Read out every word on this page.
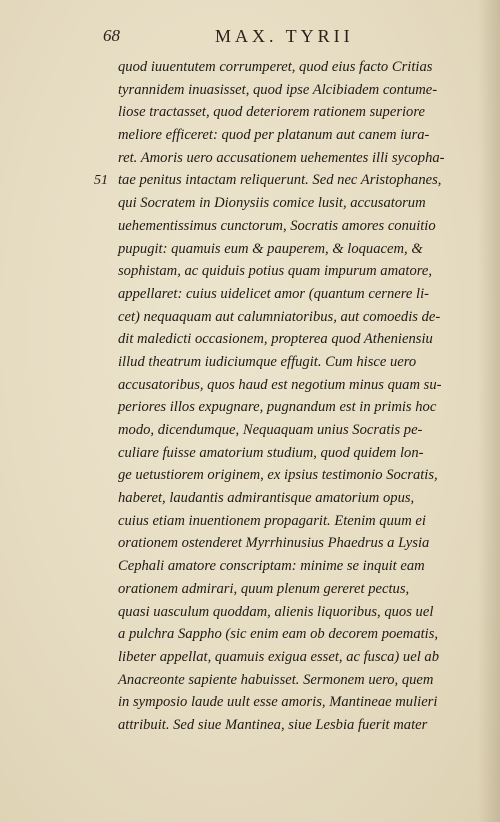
68	MAX. TYRII
51
quod iuuentutem corrumperet, quod eius facto Critias
tyrannidem inuasisset, quod ipse Alcibiadem contume-
liose tractasset, quod deteriorem rationem superiore
meliore efficeret: quod per platanum aut canem iura-
ret. Amoris uero accusationem uehementes illi sycopha-
tae penitus intactam reliquerunt. Sed nec Aristophanes,
qui Socratem in Dionysiis comice lusit, accusatorum
uehementissimus cunctorum, Socratis amores conuitio
pupugit: quamuis eum & pauperem, & loquacem, &
sophistam, ac quiduis potius quam impurum amatore,
appellaret: cuius uidelicet amor (quantum cernere li-
cet) nequaquam aut calumniatoribus, aut comoedis de-
dit maledicti occasionem, propterea quod Atheniensiu
illud theatrum iudiciumque effugit. Cum hisce uero
accusatoribus, quos haud est negotium minus quam su-
periores illos expugnare, pugnandum est in primis hoc
modo, dicendumque, Nequaquam unius Socratis pe-
culiare fuisse amatorium studium, quod quidem lon-
ge uetustiorem originem, ex ipsius testimonio Socratis,
haberet, laudantis admirantisque amatorium opus,
cuius etiam inuentionem propagarit. Etenim quum ei
orationem ostenderet Myrrhinusius Phaedrus a Lysia
Cephali amatore conscriptam: minime se inquit eam
orationem admirari, quum plenum gereret pectus,
quasi uasculum quoddam, alienis liquoribus, quos uel
a pulchra Sappho (sic enim eam ob decorem poematis,
libeter appellat, quamuis exigua esset, ac fusca) uel ab
Anacreonte sapiente habuisset. Sermonem uero, quem
in symposio laude uult esse amoris, Mantineae mulieri
attribuit. Sed siue Mantinea, siue Lesbia fuerit mater
